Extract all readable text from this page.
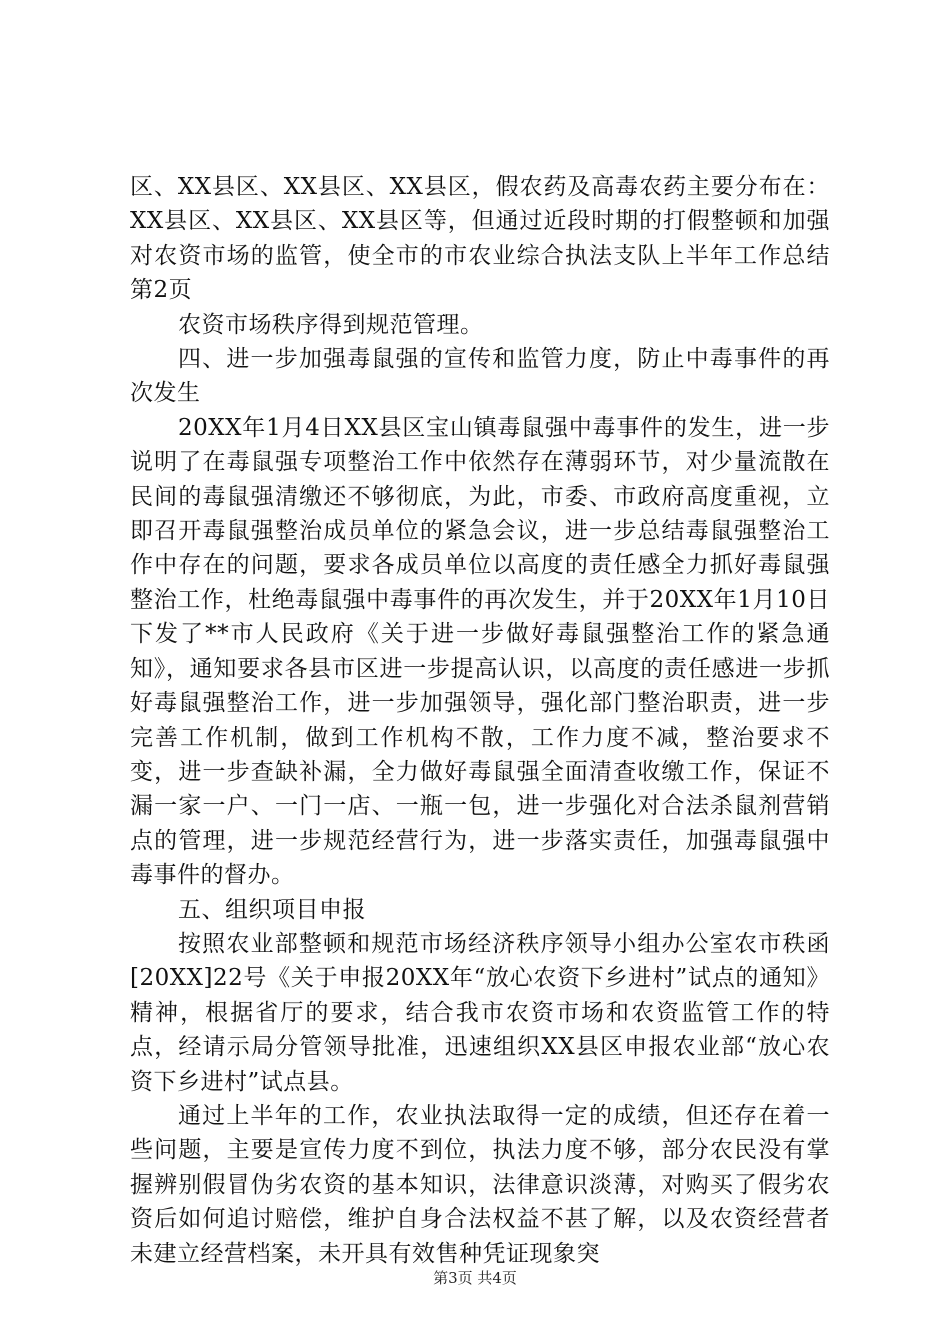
区、XX县区、XX县区、XX县区，假农药及高毒农药主要分布在：XX县区、XX县区、XX县区等，但通过近段时期的打假整顿和加强对农资市场的监管，使全市的市农业综合执法支队上半年工作总结第2页

农资市场秩序得到规范管理。

四、进一步加强毒鼠强的宣传和监管力度，防止中毒事件的再次发生

20XX年1月4日XX县区宝山镇毒鼠强中毒事件的发生，进一步说明了在毒鼠强专项整治工作中依然存在薄弱环节，对少量流散在民间的毒鼠强清缴还不够彻底，为此，市委、市政府高度重视，立即召开毒鼠强整治成员单位的紧急会议，进一步总结毒鼠强整治工作中存在的问题，要求各成员单位以高度的责任感全力抓好毒鼠强整治工作，杜绝毒鼠强中毒事件的再次发生，并于20XX年1月10日下发了**市人民政府《关于进一步做好毒鼠强整治工作的紧急通知》，通知要求各县市区进一步提高认识，以高度的责任感进一步抓好毒鼠强整治工作，进一步加强领导，强化部门整治职责，进一步完善工作机制，做到工作机构不散，工作力度不减，整治要求不变，进一步查缺补漏，全力做好毒鼠强全面清查收缴工作，保证不漏一家一户、一门一店、一瓶一包，进一步强化对合法杀鼠剂营销点的管理，进一步规范经营行为，进一步落实责任，加强毒鼠强中毒事件的督办。

五、组织项目申报

按照农业部整顿和规范市场经济秩序领导小组办公室农市秩函[20XX]22号《关于申报20XX年“放心农资下乡进村”试点的通知》精神，根据省厅的要求，结合我市农资市场和农资监管工作的特点，经请示局分管领导批准，迅速组织XX县区申报农业部“放心农资下乡进村”试点县。

通过上半年的工作，农业执法取得一定的成绩，但还存在着一些问题，主要是宣传力度不到位，执法力度不够，部分农民没有掌握辨别假冒伪劣农资的基本知识，法律意识淡薄，对购买了假劣农资后如何追讨赔偿，维护自身合法权益不甚了解，以及农资经营者未建立经营档案，未开具有效售种凭证现象突

第3页 共4页
